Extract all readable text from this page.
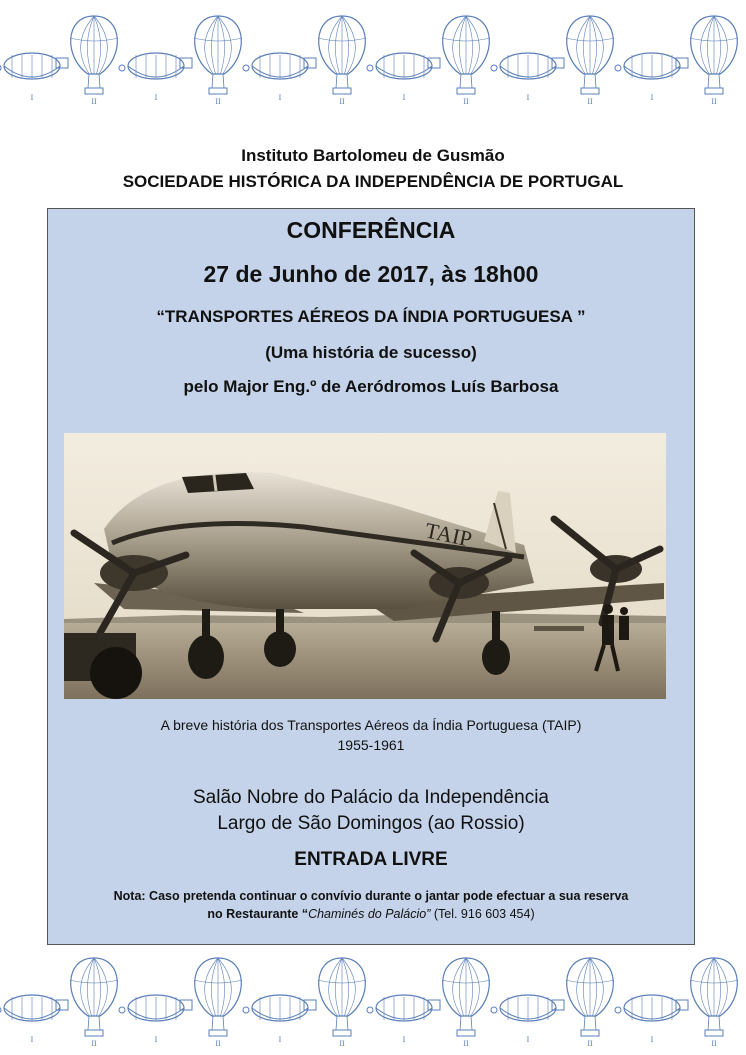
I	II	I	II	I	II	I	II	I	II	I	II
Instituto Bartolomeu de Gusmão
SOCIEDADE HISTÓRICA DA INDEPENDÊNCIA DE PORTUGAL
CONFERÊNCIA
27 de Junho de 2017, às 18h00
“TRANSPORTES AÉREOS DA ÍNDIA PORTUGUESA ”
(Uma história de sucesso)
pelo Major Eng.º de Aeródromos Luís Barbosa
TAIP
A breve história dos Transportes Aéreos da Índia Portuguesa (TAIP)
1955-1961
Salão Nobre do Palácio da Independência
Largo de São Domingos (ao Rossio)
ENTRADA LIVRE
Nota: Caso pretenda continuar o convívio durante o jantar pode efectuar a sua reserva
no Restaurante “Chaminés do Palácio” (Tel. 916 603 454)
I	II	I	II	I	II	I	II	I	II	I	II
